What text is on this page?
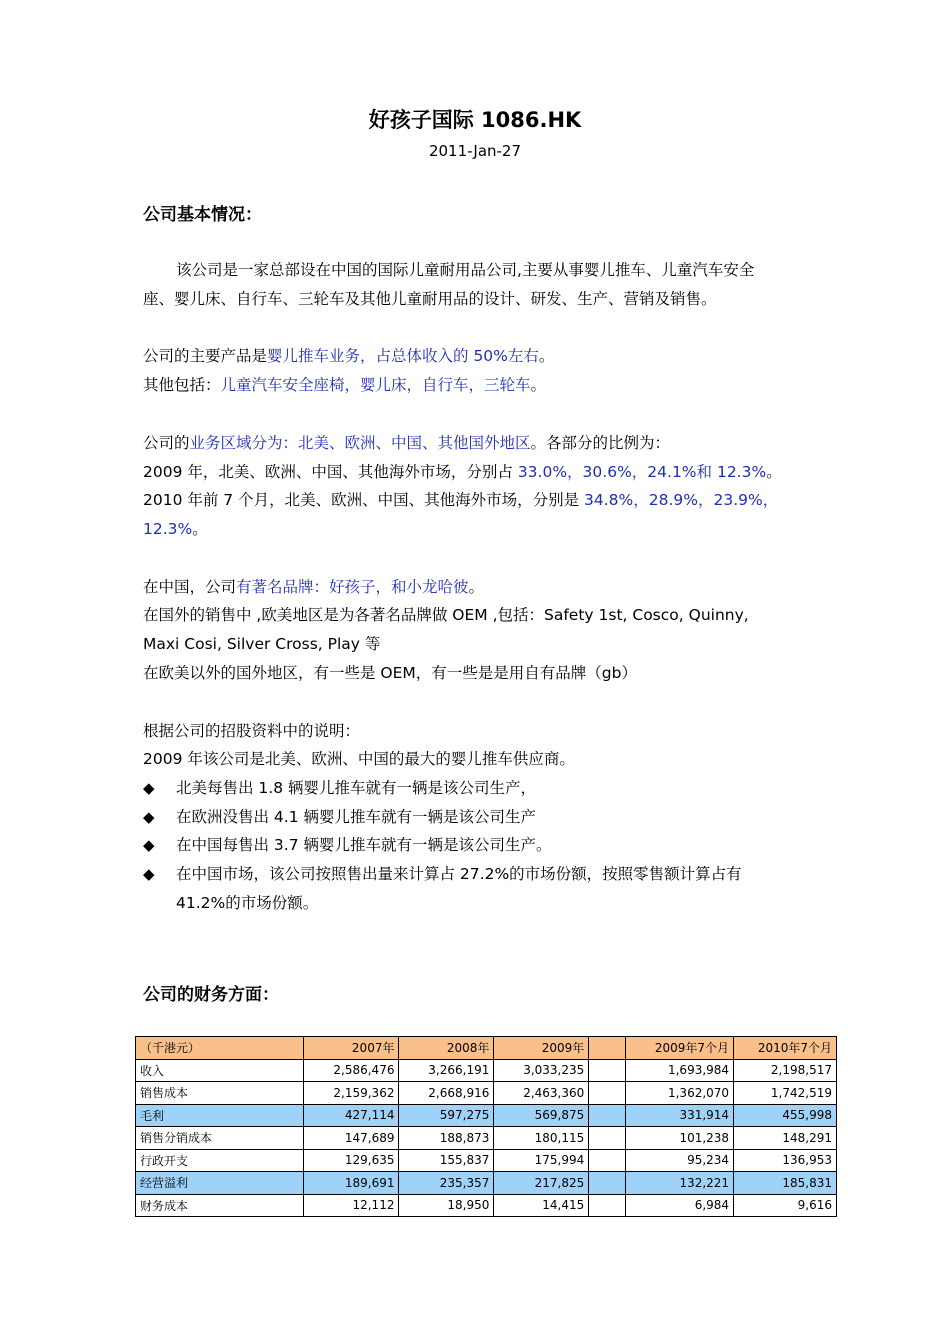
好孩子国际 1086.HK
2011-Jan-27
公司基本情况：
该公司是一家总部设在中国的国际儿童耐用品公司,主要从事婴儿推车、儿童汽车安全
座、婴儿床、自行车、三轮车及其他儿童耐用品的设计、研发、生产、营销及销售。
公司的主要产品是婴儿推车业务，占总体收入的 50%左右。
其他包括：儿童汽车安全座椅，婴儿床，自行车，三轮车。
公司的业务区域分为：北美、欧洲、中国、其他国外地区。各部分的比例为：
2009 年，北美、欧洲、中国、其他海外市场，分别占 33.0%，30.6%，24.1%和 12.3%。
2010 年前 7 个月，北美、欧洲、中国、其他海外市场，分别是 34.8%，28.9%，23.9%，
12.3%。
在中国，公司有著名品牌：好孩子，和小龙哈彼。
在国外的销售中 ,欧美地区是为各著名品牌做 OEM ,包括：Safety 1st, Cosco, Quinny,
Maxi Cosi, Silver Cross, Play 等
在欧美以外的国外地区，有一些是 OEM，有一些是是用自有品牌（gb）
根据公司的招股资料中的说明：
2009 年该公司是北美、欧洲、中国的最大的婴儿推车供应商。
◆ 北美每售出 1.8 辆婴儿推车就有一辆是该公司生产，
◆ 在欧洲没售出 4.1 辆婴儿推车就有一辆是该公司生产
◆ 在中国每售出 3.7 辆婴儿推车就有一辆是该公司生产。
◆ 在中国市场，该公司按照售出量来计算占 27.2%的市场份额，按照零售额计算占有
41.2%的市场份额。
公司的财务方面：
（千港元）	2007年	2008年	2009年		2009年7个月	2010年7个月
收入	2,586,476	3,266,191	3,033,235		1,693,984	2,198,517
销售成本	2,159,362	2,668,916	2,463,360		1,362,070	1,742,519
毛利	427,114	597,275	569,875		331,914	455,998
销售分销成本	147,689	188,873	180,115		101,238	148,291
行政开支	129,635	155,837	175,994		95,234	136,953
经营溢利	189,691	235,357	217,825		132,221	185,831
财务成本	12,112	18,950	14,415		6,984	9,616
